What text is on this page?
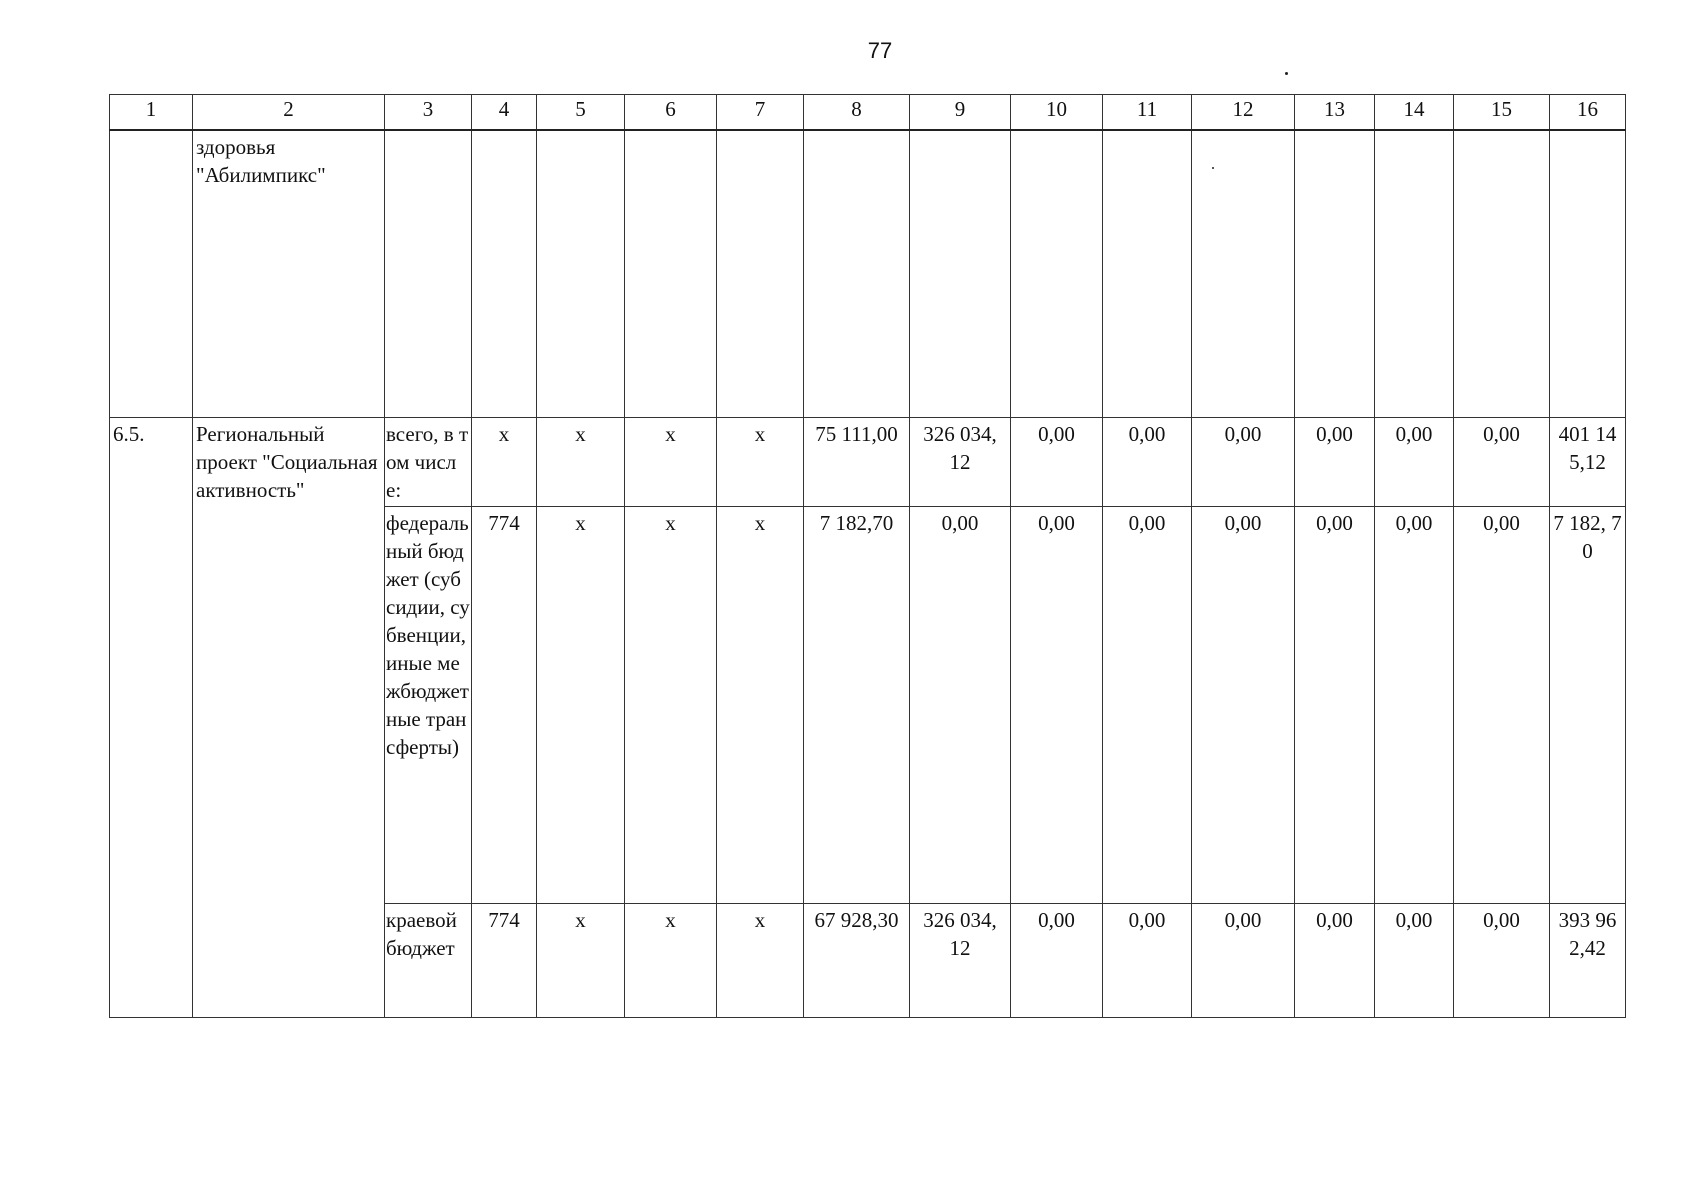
77
1	2	3	4	5	6	7	8	9	10	11	12	13	14	15	16
	здоровья "Абилимпикс"														
6.5.	Региональный проект "Социальная активность"	всего, в том числе:	х	х	х	х	75 111,00	326 034, 12	0,00	0,00	0,00	0,00	0,00	0,00	401 14 5,12
		федеральный бюджет (субсидии, субвенции, иные межбюджетные трансферты)	774	х	х	х	7 182,70	0,00	0,00	0,00	0,00	0,00	0,00	0,00	7 182, 70
		краевой бюджет	774	х	х	х	67 928,30	326 034, 12	0,00	0,00	0,00	0,00	0,00	0,00	393 96 2,42
